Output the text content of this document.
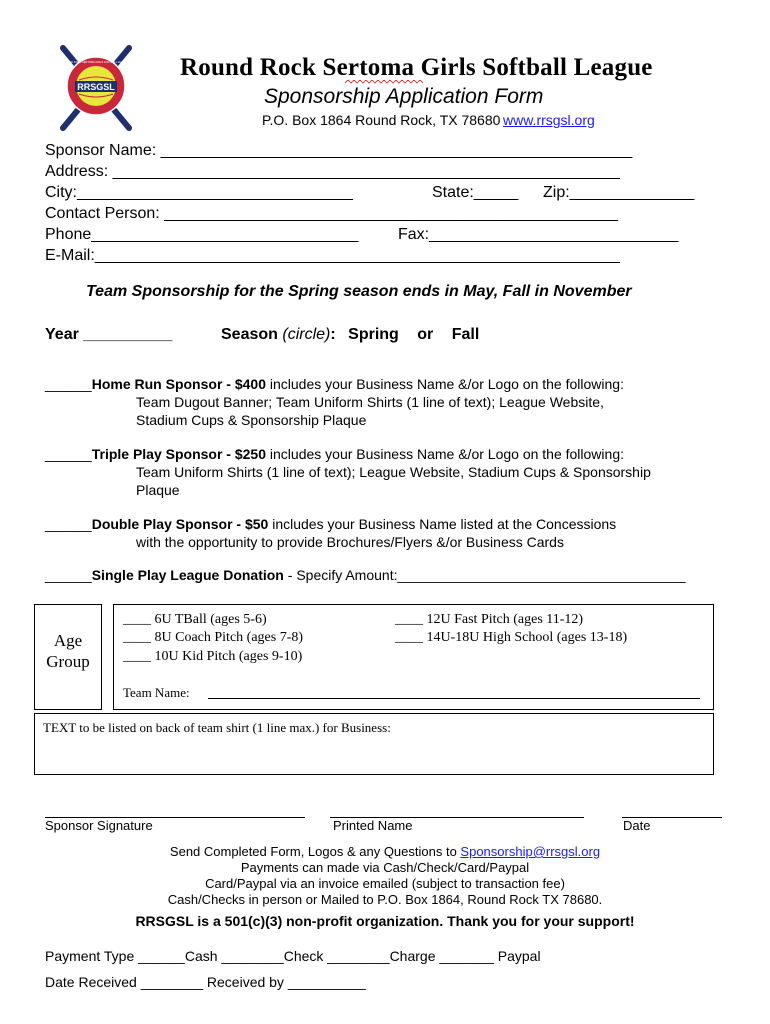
RRSGSL
ROUND ROCK SERTOMA GIRLS SOFTBALL LEAGUE Round Rock Sertoma Girls Softball League
Sponsorship Application Form
P.O. Box 1864 Round Rock, TX 78680 www.rrsgsl.org
Sponsor Name: _____________________________________________________
Address: _________________________________________________________
City:_______________________________	State:_____ Zip:______________
Contact Person: ___________________________________________________
Phone______________________________ Fax:____________________________
E-Mail:___________________________________________________________
Team Sponsorship for the Spring season ends in May, Fall in November
Year __________	Season (circle): Spring or Fall
______Home Run Sponsor - $400 includes your Business Name &/or Logo on the following:
Team Dugout Banner; Team Uniform Shirts (1 line of text); League Website,
Stadium Cups & Sponsorship Plaque
______Triple Play Sponsor - $250 includes your Business Name &/or Logo on the following:
Team Uniform Shirts (1 line of text); League Website, Stadium Cups & Sponsorship
Plaque
______Double Play Sponsor - $50 includes your Business Name listed at the Concessions
with the opportunity to provide Brochures/Flyers &/or Business Cards
______Single Play League Donation - Specify Amount:_____________________________________
Age
Group
____ 6U TBall (ages 5-6)
____ 8U Coach Pitch (ages 7-8)
____ 10U Kid Pitch (ages 9-10)
____ 12U Fast Pitch (ages 11-12)
____ 14U-18U High School (ages 13-18)
Team Name:
TEXT to be listed on back of team shirt (1 line max.) for Business:
Sponsor Signature	Printed Name	Date
Send Completed Form, Logos & any Questions to Sponsorship@rrsgsl.org
Payments can made via Cash/Check/Card/Paypal
Card/Paypal via an invoice emailed (subject to transaction fee)
Cash/Checks in person or Mailed to P.O. Box 1864, Round Rock TX 78680.
RRSGSL is a 501(c)(3) non-profit organization. Thank you for your support!
Payment Type ______Cash ________Check ________Charge _______ Paypal
Date Received ________ Received by __________
